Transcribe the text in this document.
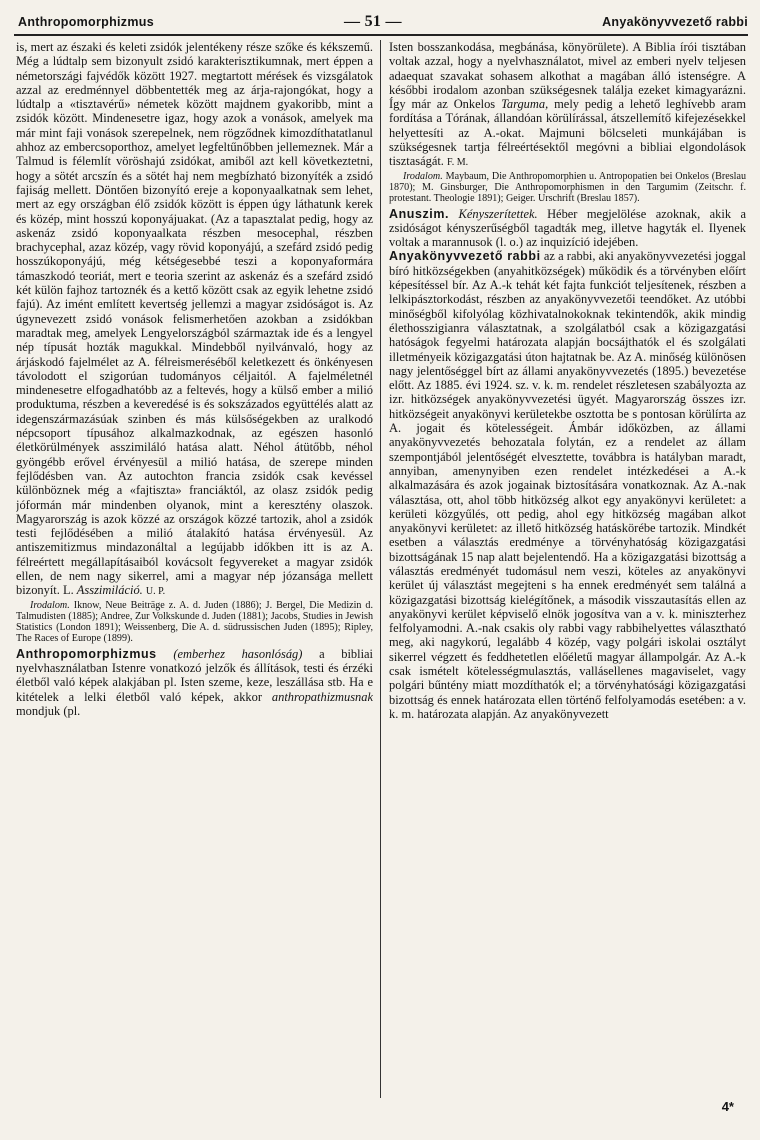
Anthropomorphizmus	— 51 —	Anyakönyvvezető rabbi

is, mert az északi és keleti zsidók jelentékeny része szőke és kékszemű. Még a lúdtalp sem bizonyult zsidó karakterisztikumnak, mert éppen a németországi fajvédők között 1927. megtartott mérések és vizsgálatok azzal az eredménnyel döbbentették meg az árja-rajongókat, hogy a lúdtalp a «tisztavérű» németek között majdnem gyakoribb, mint a zsidók között. Mindenesetre igaz, hogy azok a vonások, amelyek ma már mint faji vonások szerepelnek, nem rögződnek kimozdíthatatlanul ahhoz az embercsoporthoz, amelyet legfeltűnőbben jellemeznek. Már a Talmud is félemlít vöröshajú zsidókat, amiből azt kell következtetni, hogy a sötét arcszín és a sötét haj nem megbízható bizonyíték a zsidó fajiság mellett. Döntően bizonyító ereje a koponyaalkatnak sem lehet, mert az egy országban élő zsidók között is éppen úgy láthatunk kerek és közép, mint hosszú koponyájuakat. (Az a tapasztalat pedig, hogy az askenáz zsidó koponyaalkata részben mesocephal, részben brachycephal, azaz közép, vagy rövid koponyájú, a szefárd zsidó pedig hosszúkoponyájú, még kétségesebbé teszi a koponyaformára támaszkodó teoriát, mert e teoria szerint az askenáz és a szefárd zsidó két külön fajhoz tartoznék és a kettő között csak az egyik lehetne zsidó fajú). Az imént említett kevertség jellemzi a magyar zsidóságot is. Az úgynevezett zsidó vonások felismerhetően azokban a zsidókban maradtak meg, amelyek Lengyelországból származtak ide és a lengyel nép típusát hozták magukkal. Mindebből nyilvánvaló, hogy az árjáskodó fajelmélet az A. félreismeréséből keletkezett és önkényesen távolodott el szigorúan tudományos céljaitól. A fajelméletnél mindenesetre elfogadhatóbb az a feltevés, hogy a külső ember a milió produktuma, részben a keveredésé is és sokszázados együttélés alatt az idegenszármazásúak szinben és más külsőségekben az uralkodó népcsoport típusához alkalmazkodnak, az egészen hasonló életkörülmények asszimiláló hatása alatt. Néhol átütőbb, néhol gyöngébb erővel érvényesül a milió hatása, de szerepe minden fejlődésben van. Az autochton francia zsidók csak kevéssel különböznek még a «fajtiszta» franciáktól, az olasz zsidók pedig jóformán már mindenben olyanok, mint a keresztény olaszok. Magyarország is azok közzé az országok közzé tartozik, ahol a zsidók testi fejlődésében a milió átalakító hatása érvényesül. Az antiszemitizmus mindazonáltal a legújabb időkben itt is az A. félreértett megállapításaiból kovácsolt fegyvereket a magyar zsidók ellen, de nem nagy sikerrel, ami a magyar nép józansága mellett bizonyít. L. Asszimiláció. U. P.

Irodalom. Iknow, Neue Beiträge z. A. d. Juden (1886); J. Bergel, Die Medizin d. Talmudisten (1885); Andree, Zur Volkskunde d. Juden (1881); Jacobs, Studies in Jewish Statistics (London 1891); Weissenberg, Die A. d. südrussischen Juden (1895); Ripley, The Races of Europe (1899).

Anthropomorphizmus (emberhez hasonlóság) a bibliai nyelvhasználatban Istenre vonatkozó jelzők és állítások, testi és érzéki életből való képek alakjában pl. Isten szeme, keze, leszállása stb. Ha e kitételek a lelki életből való képek, akkor anthropathizmusnak mondjuk (pl.

Isten bosszankodása, megbánása, könyörülete). A Biblia írói tisztában voltak azzal, hogy a nyelvhasználatot, mivel az emberi nyelv teljesen adaequat szavakat sohasem alkothat a magában álló istenségre. A későbbi irodalom azonban szükségesnek találja ezeket kimagyarázni. Így már az Onkelos Targuma, mely pedig a lehető leghívebb aram fordítása a Tórának, állandóan körülírással, átszellemítő kifejezésekkel helyettesíti az A.-okat. Majmuni bölcseleti munkájában is szükségesnek tartja félreértésektől megóvni a bibliai elgondolások tisztaságát. F. M.

Irodalom. Maybaum, Die Anthropomorphien u. Antropopatien bei Onkelos (Breslau 1870); M. Ginsburger, Die Anthropomorphismen in den Targumim (Zeitschr. f. protestant. Theologie 1891); Geiger. Urschrift (Breslau 1857).

Anuszim. Kényszerítettek. Héber megjelölése azoknak, akik a zsidóságot kényszerűségből tagadták meg, illetve hagyták el. Ilyenek voltak a marannusok (l. o.) az inquizíció idejében.

Anyakönyvvezető rabbi az a rabbi, aki anyakönyvvezetési joggal bíró hitközségekben (anyahitközségek) működik és a törvényben előírt képesítéssel bír. Az A.-k tehát két fajta funkciót teljesítenek, részben a lelkipásztorkodást, részben az anyakönyvvezetői teendőket. Az utóbbi minőségből kifolyólag közhivatalnokoknak tekintendők, akik mindig élethosszigianra választatnak, a szolgálatból csak a közigazgatási hatóságok fegyelmi határozata alapján bocsájthatók el és szolgálati illetményeik közigazgatási úton hajtatnak be. Az A. minőség különösen nagy jelentőséggel bírt az állami anyakönyvvezetés (1895.) bevezetése előtt. Az 1885. évi 1924. sz. v. k. m. rendelet részletesen szabályozta az izr. hitközségek anyakönyvvezetési ügyét. Magyarország összes izr. hitközségeit anyakönyvi kerületekbe osztotta be s pontosan körülírta az A. jogait és kötelességeit. Ámbár időközben, az állami anyakönyvvezetés behozatala folytán, ez a rendelet az állam szempontjából jelentőségét elvesztette, továbbra is hatályban maradt, annyiban, amenynyiben ezen rendelet intézkedései a A.-k alkalmazására és azok jogainak biztosítására vonatkoznak. Az A.-nak választása, ott, ahol több hitközség alkot egy anyakönyvi kerületet: a kerületi közgyűlés, ott pedig, ahol egy hitközség magában alkot anyakönyvi kerületet: az illető hitközség hatáskörébe tartozik. Mindkét esetben a választás eredménye a törvényhatóság közigazgatási bizottságának 15 nap alatt bejelentendő. Ha a közigazgatási bizottság a választás eredményét tudomásul nem veszi, köteles az anyakönyvi kerület új választást megejteni s ha ennek eredményét sem találná a közigazgatási bizottság kielégítőnek, a második visszautasítás ellen az anyakönyvi kerület képviselő elnök jogosítva van a v. k. miniszterhez felfolyamodni. A.-nak csakis oly rabbi vagy rabbihelyettes választható meg, aki nagykorú, legalább 4 közép, vagy polgári iskolai osztályt sikerrel végzett és feddhetetlen előéletű magyar állampolgár. Az A.-k csak ismételt kötelességmulasztás, vallásellenes magaviselet, vagy polgári bűntény miatt mozdíthatók el; a törvényhatósági közigazgatási bizottság és ennek határozata ellen történő felfolyamodás esetében: a v. k. m. határozata alapján. Az anyakönyvezett

4*
